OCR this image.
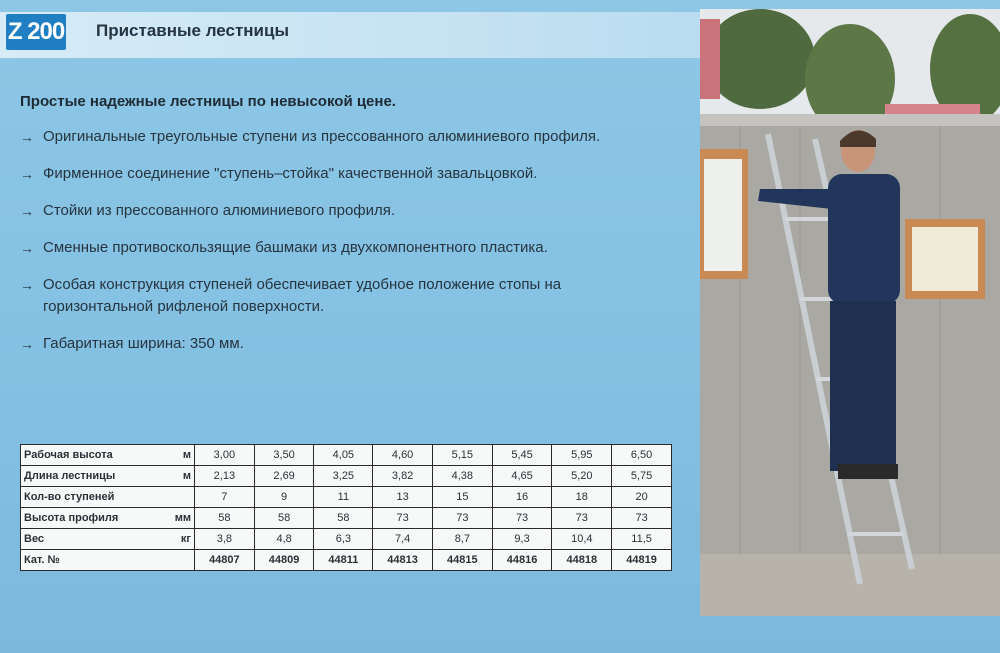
Z 200 Приставные лестницы
Простые надежные лестницы по невысокой цене.
→ Оригинальные треугольные ступени из прессованного алюминиевого профиля.
→ Фирменное соединение "ступень–стойка" качественной завальцовкой.
→ Стойки из прессованного алюминиевого профиля.
→ Сменные противоскользящие башмаки из двухкомпонентного пластика.
→ Особая конструкция ступеней обеспечивает удобное положение стопы на горизонтальной рифленой поверхности.
→ Габаритная ширина: 350 мм.
Рабочая высота	м	3,00	3,50	4,05	4,60	5,15	5,45	5,95	6,50
Длина лестницы	м	2,13	2,69	3,25	3,82	4,38	4,65	5,20	5,75
Кол-во ступеней		7	9	11	13	15	16	18	20
Высота профиля	мм	58	58	58	73	73	73	73	73
Вес	кг	3,8	4,8	6,3	7,4	8,7	9,3	10,4	11,5
Кат. №		44807	44809	44811	44813	44815	44816	44818	44819
